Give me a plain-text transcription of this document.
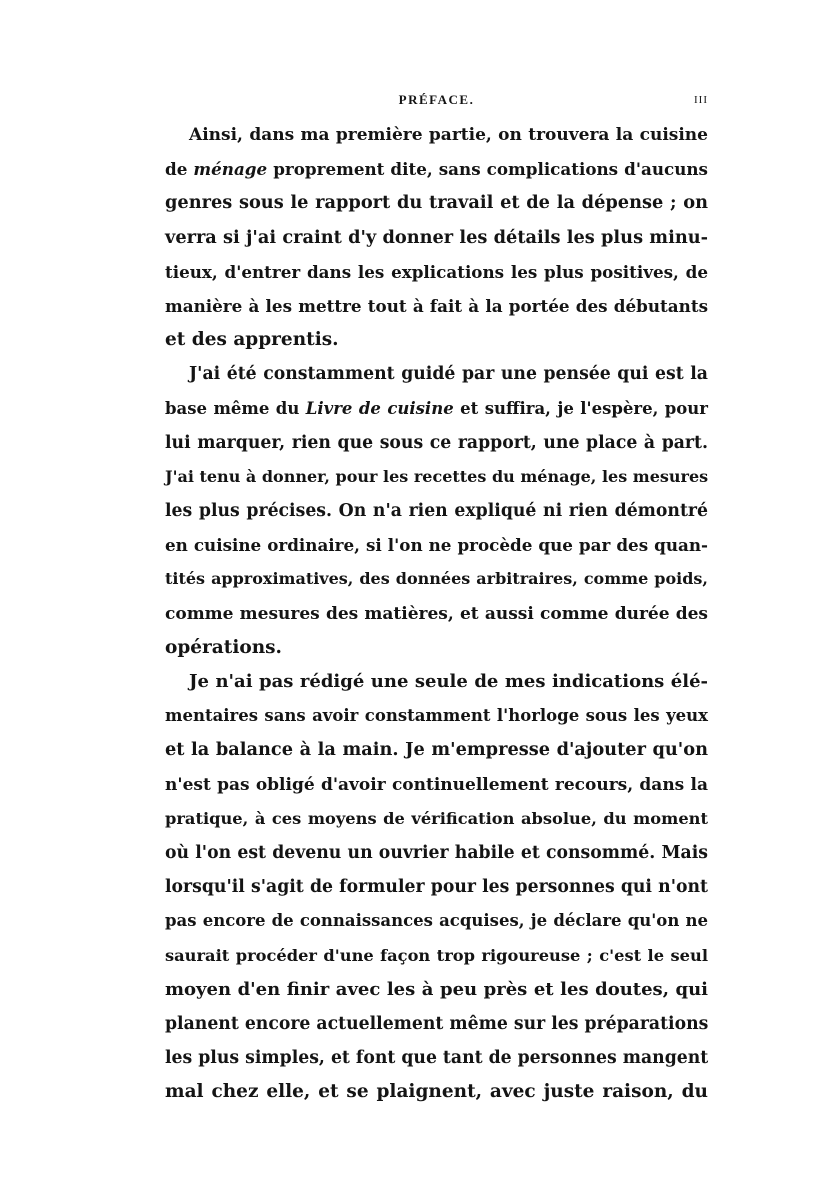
PRÉFACE.	III
Ainsi, dans ma première partie, on trouvera la cuisine
de ménage proprement dite, sans complications d'aucuns
genres sous le rapport du travail et de la dépense ; on
verra si j'ai craint d'y donner les détails les plus minu-
tieux, d'entrer dans les explications les plus positives, de
manière à les mettre tout à fait à la portée des débutants
et des apprentis.
J'ai été constamment guidé par une pensée qui est la
base même du Livre de cuisine et suffira, je l'espère, pour
lui marquer, rien que sous ce rapport, une place à part.
J'ai tenu à donner, pour les recettes du ménage, les mesures
les plus précises. On n'a rien expliqué ni rien démontré
en cuisine ordinaire, si l'on ne procède que par des quan-
tités approximatives, des données arbitraires, comme poids,
comme mesures des matières, et aussi comme durée des
opérations.
Je n'ai pas rédigé une seule de mes indications élé-
mentaires sans avoir constamment l'horloge sous les yeux
et la balance à la main. Je m'empresse d'ajouter qu'on
n'est pas obligé d'avoir continuellement recours, dans la
pratique, à ces moyens de vérification absolue, du moment
où l'on est devenu un ouvrier habile et consommé. Mais
lorsqu'il s'agit de formuler pour les personnes qui n'ont
pas encore de connaissances acquises, je déclare qu'on ne
saurait procéder d'une façon trop rigoureuse ; c'est le seul
moyen d'en finir avec les à peu près et les doutes, qui
planent encore actuellement même sur les préparations
les plus simples, et font que tant de personnes mangent
mal chez elle, et se plaignent, avec juste raison, du
